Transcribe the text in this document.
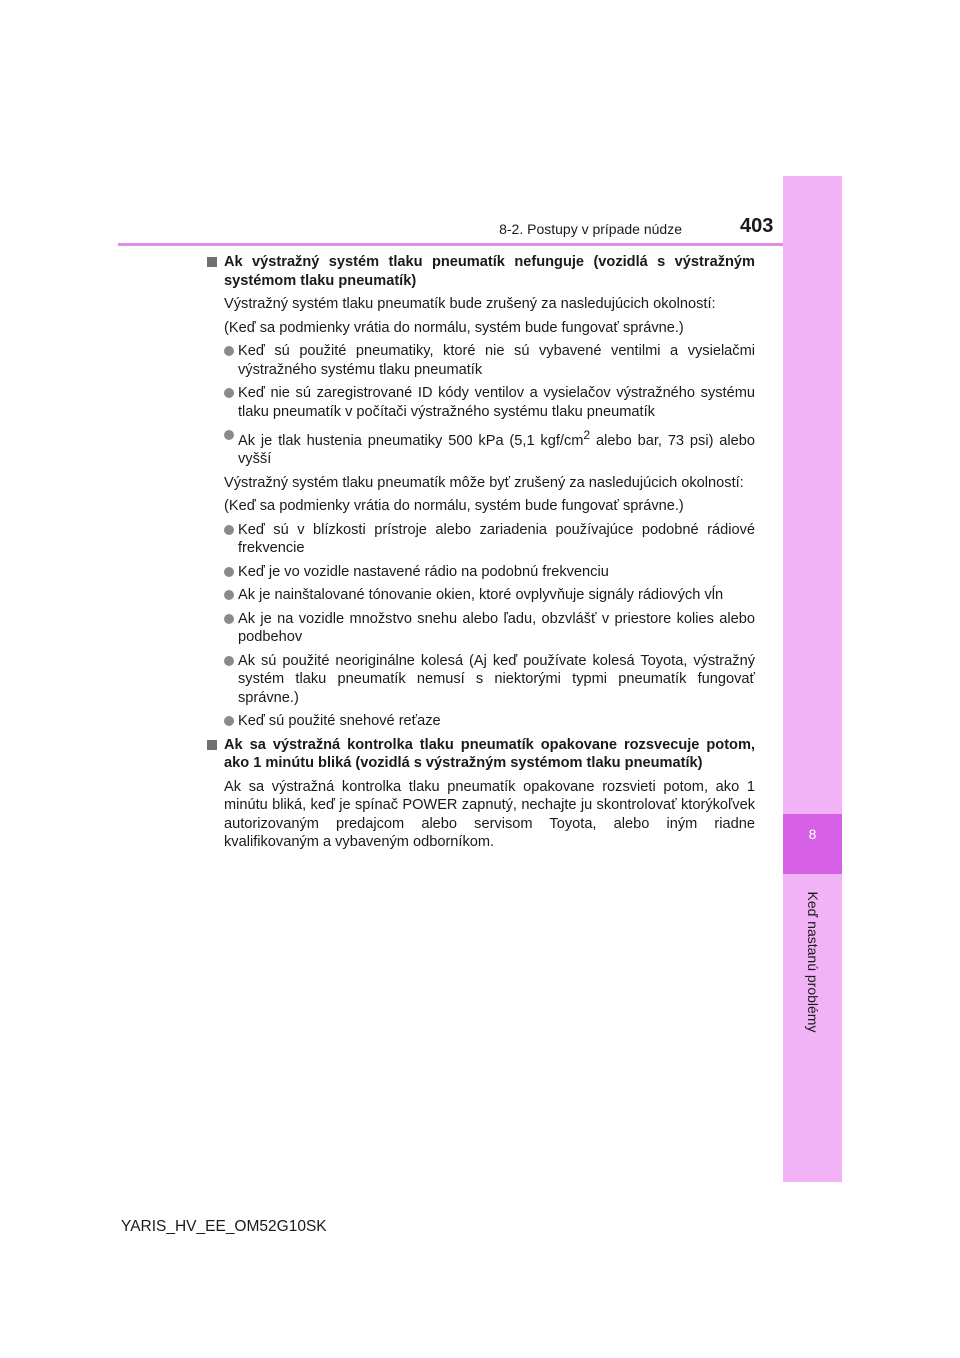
8
Keď nastanú problémy
8-2. Postupy v prípade núdze	403
Ak výstražný systém tlaku pneumatík nefunguje (vozidlá s výstražným systémom tlaku pneumatík)
Výstražný systém tlaku pneumatík bude zrušený za nasledujúcich okolností:
(Keď sa podmienky vrátia do normálu, systém bude fungovať správne.)
Keď sú použité pneumatiky, ktoré nie sú vybavené ventilmi a vysielačmi výstražného systému tlaku pneumatík
Keď nie sú zaregistrované ID kódy ventilov a vysielačov výstražného systému tlaku pneumatík v počítači výstražného systému tlaku pneumatík
Ak je tlak hustenia pneumatiky 500 kPa (5,1 kgf/$cm^2$ alebo bar, 73 psi) alebo vyšší
Výstražný systém tlaku pneumatík môže byť zrušený za nasledujúcich okolností:
(Keď sa podmienky vrátia do normálu, systém bude fungovať správne.)
Keď sú v blízkosti prístroje alebo zariadenia používajúce podobné rádiové frekvencie
Keď je vo vozidle nastavené rádio na podobnú frekvenciu
Ak je nainštalované tónovanie okien, ktoré ovplyvňuje signály rádiových vĺn
Ak je na vozidle množstvo snehu alebo ľadu, obzvlášť v priestore kolies alebo podbehov
Ak sú použité neoriginálne kolesá (Aj keď používate kolesá Toyota, výstražný systém tlaku pneumatík nemusí s niektorými typmi pneumatík fungovať správne.)
Keď sú použité snehové reťaze
Ak sa výstražná kontrolka tlaku pneumatík opakovane rozsvecuje potom, ako 1 minútu bliká (vozidlá s výstražným systémom tlaku pneumatík)
Ak sa výstražná kontrolka tlaku pneumatík opakovane rozsvieti potom, ako 1 minútu bliká, keď je spínač POWER zapnutý, nechajte ju skontrolovať ktorýkoľvek autorizovaným predajcom alebo servisom Toyota, alebo iným riadne kvalifikovaným a vybaveným odborníkom.
YARIS_HV_EE_OM52G10SK
